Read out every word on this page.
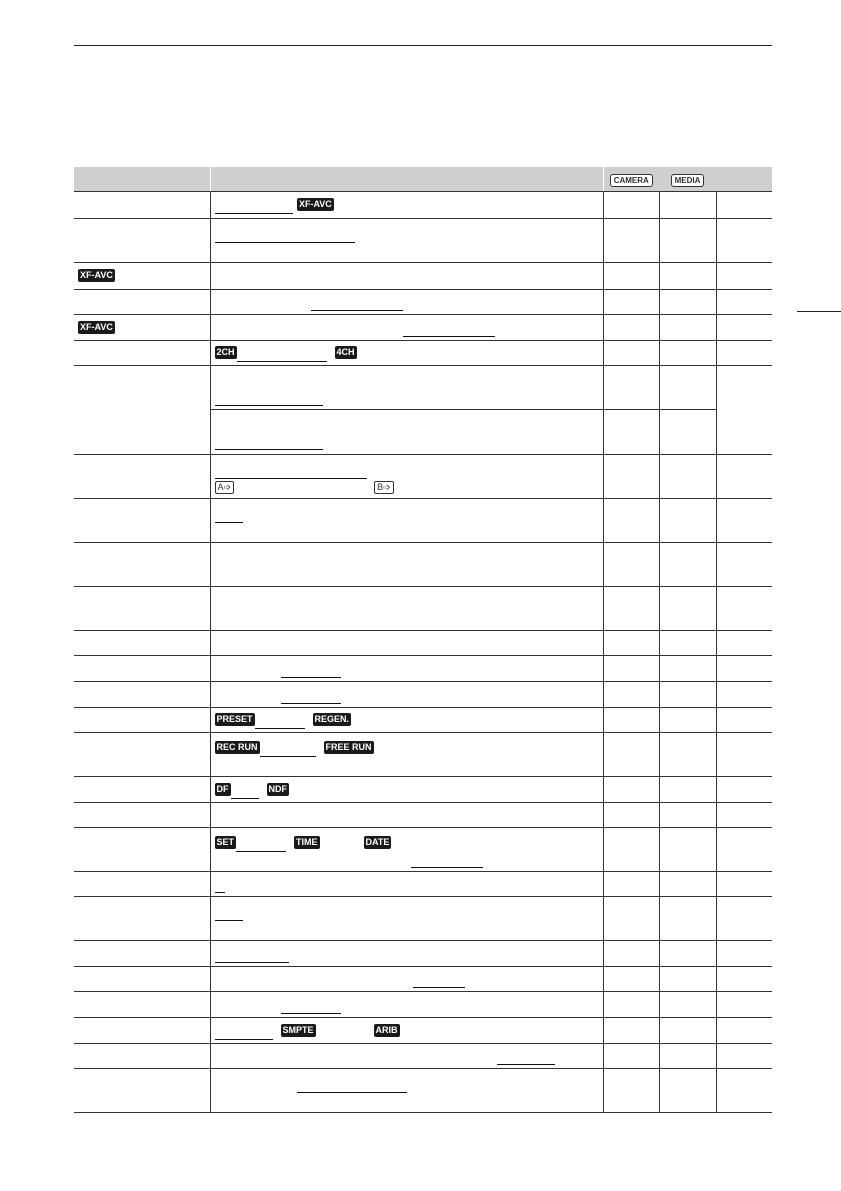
		CAMERA	MEDIA	
	XF-AVC			

XF-AVC				

XF-AVC				
	2CH 4CH			

	A➩ B➩			

	PRESET REGEN.			

	REC RUN FREE RUN			

	DF NDF			

	SET TIME DATE			

	SMPTE ARIB			
